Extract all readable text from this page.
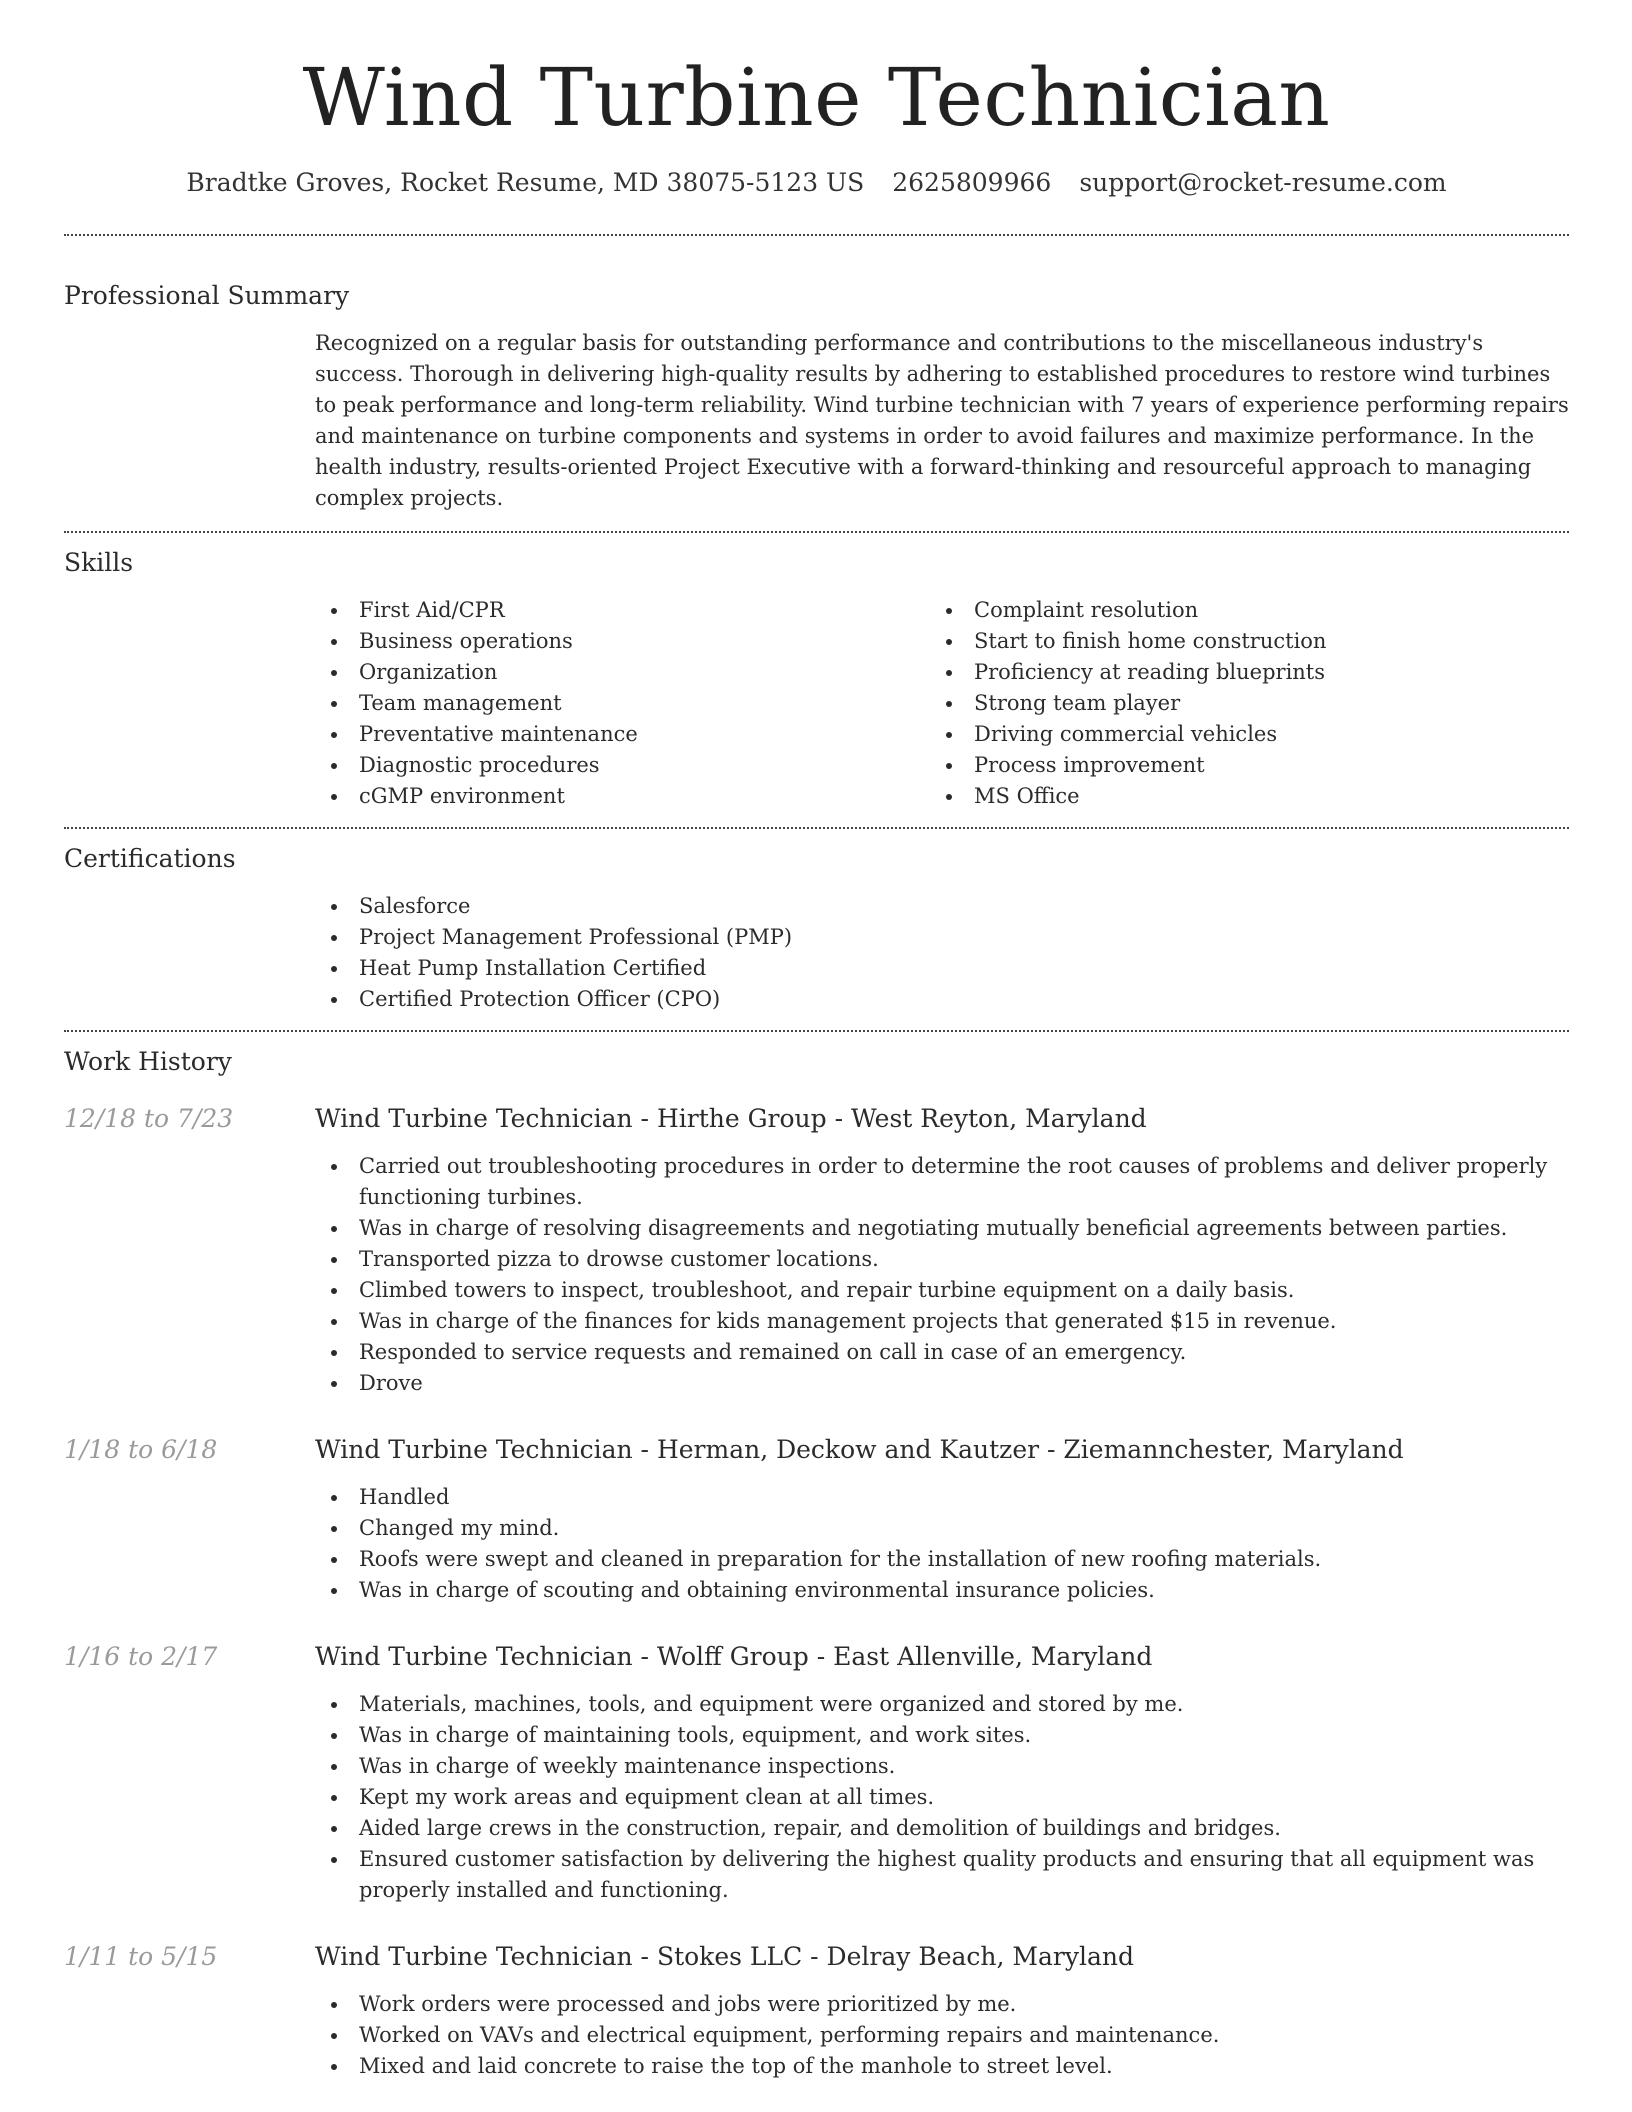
Wind Turbine Technician
Bradtke Groves, Rocket Resume, MD 38075-5123 US 2625809966 support@rocket-resume.com
Professional Summary
Recognized on a regular basis for outstanding performance and contributions to the miscellaneous industry's success. Thorough in delivering high-quality results by adhering to established procedures to restore wind turbines to peak performance and long-term reliability. Wind turbine technician with 7 years of experience performing repairs and maintenance on turbine components and systems in order to avoid failures and maximize performance. In the health industry, results-oriented Project Executive with a forward-thinking and resourceful approach to managing complex projects.
Skills
First Aid/CPR
Business operations
Organization
Team management
Preventative maintenance
Diagnostic procedures
cGMP environment
Complaint resolution
Start to finish home construction
Proficiency at reading blueprints
Strong team player
Driving commercial vehicles
Process improvement
MS Office
Certifications
Salesforce
Project Management Professional (PMP)
Heat Pump Installation Certified
Certified Protection Officer (CPO)
Work History
12/18 to 7/23	Wind Turbine Technician - Hirthe Group - West Reyton, Maryland
Carried out troubleshooting procedures in order to determine the root causes of problems and deliver properly functioning turbines.
Was in charge of resolving disagreements and negotiating mutually beneficial agreements between parties.
Transported pizza to drowse customer locations.
Climbed towers to inspect, troubleshoot, and repair turbine equipment on a daily basis.
Was in charge of the finances for kids management projects that generated $15 in revenue.
Responded to service requests and remained on call in case of an emergency.
Drove
1/18 to 6/18	Wind Turbine Technician - Herman, Deckow and Kautzer - Ziemannchester, Maryland
Handled
Changed my mind.
Roofs were swept and cleaned in preparation for the installation of new roofing materials.
Was in charge of scouting and obtaining environmental insurance policies.
1/16 to 2/17	Wind Turbine Technician - Wolff Group - East Allenville, Maryland
Materials, machines, tools, and equipment were organized and stored by me.
Was in charge of maintaining tools, equipment, and work sites.
Was in charge of weekly maintenance inspections.
Kept my work areas and equipment clean at all times.
Aided large crews in the construction, repair, and demolition of buildings and bridges.
Ensured customer satisfaction by delivering the highest quality products and ensuring that all equipment was properly installed and functioning.
1/11 to 5/15	Wind Turbine Technician - Stokes LLC - Delray Beach, Maryland
Work orders were processed and jobs were prioritized by me.
Worked on VAVs and electrical equipment, performing repairs and maintenance.
Mixed and laid concrete to raise the top of the manhole to street level.
